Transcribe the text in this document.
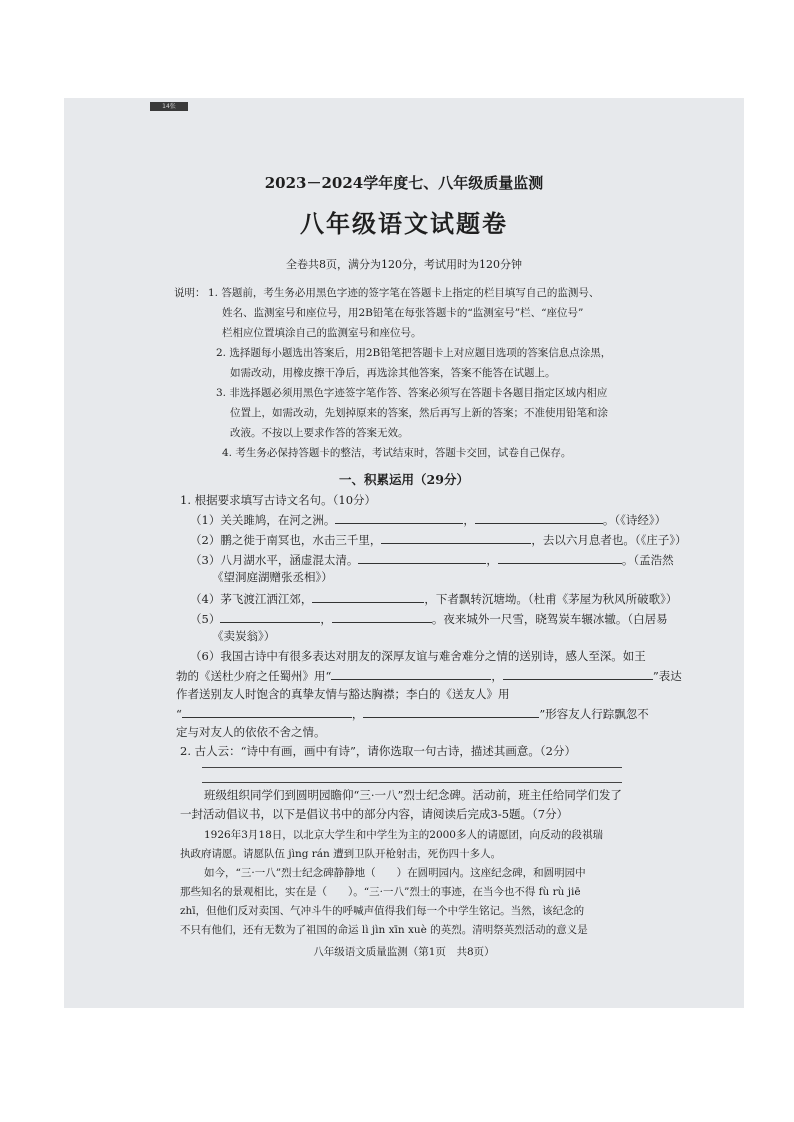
14张
2023－2024学年度七、八年级质量监测
八年级语文试题卷
全卷共8页，满分为120分，考试用时为120分钟
说明： 1. 答题前，考生务必用黑色字迹的签字笔在答题卡上指定的栏目填写自己的监测号、
姓名、监测室号和座位号，用2B铅笔在每张答题卡的“监测室号”栏、“座位号”
栏相应位置填涂自己的监测室号和座位号。
2. 选择题每小题选出答案后，用2B铅笔把答题卡上对应题目选项的答案信息点涂黑，
如需改动，用橡皮擦干净后，再选涂其他答案，答案不能答在试题上。
3. 非选择题必须用黑色字迹签字笔作答、答案必须写在答题卡各题目指定区域内相应
位置上，如需改动，先划掉原来的答案，然后再写上新的答案；不准使用铅笔和涂
改液。不按以上要求作答的答案无效。
4. 考生务必保持答题卡的整洁，考试结束时，答题卡交回，试卷自己保存。
一、积累运用（29分）
1. 根据要求填写古诗文名句。（10分）
（1）关关雎鸠，在河之洲。	，	。（《诗经》）
（2）鹏之徙于南冥也，水击三千里，	，去以六月息者也。（《庄子》）
（3）八月湖水平，涵虚混太清。	，	。（孟浩然
《望洞庭湖赠张丞相》）
（4）茅飞渡江洒江郊，	，下者飘转沉塘坳。（杜甫《茅屋为秋风所破歌》）
（5）	，	。夜来城外一尺雪，晓驾炭车辗冰辙。（白居易
《卖炭翁》）
（6）我国古诗中有很多表达对朋友的深厚友谊与难舍难分之情的送别诗，感人至深。如王
勃的《送杜少府之任蜀州》用“	，	”表达
作者送别友人时饱含的真挚友情与豁达胸襟；李白的《送友人》用
“	，	”形容友人行踪飘忽不
定与对友人的依依不舍之情。
2. 古人云：“诗中有画，画中有诗”，请你选取一句古诗，描述其画意。（2分）
班级组织同学们到圆明园瞻仰“三·一八”烈士纪念碑。活动前，班主任给同学们发了
一封活动倡议书，以下是倡议书中的部分内容，请阅读后完成3-5题。（7分）
1926年3月18日，以北京大学生和中学生为主的2000多人的请愿团，向反动的段祺瑞
执政府请愿。请愿队伍 jìng rán 遭到卫队开枪射击，死伤四十多人。
如今，“三·一八”烈士纪念碑静静地（　　）在圆明园内。这座纪念碑，和圆明园中
那些知名的景观相比，实在是（　　）。“三·一八”烈士的事迹，在当今也不得 fù rù jiē
zhī，但他们反对卖国、气冲斗牛的呼喊声值得我们每一个中学生铭记。当然，该纪念的
不只有他们，还有无数为了祖国的命运 lì jìn xīn xuè 的英烈。清明祭英烈活动的意义是
八年级语文质量监测（第1页　共8页）
